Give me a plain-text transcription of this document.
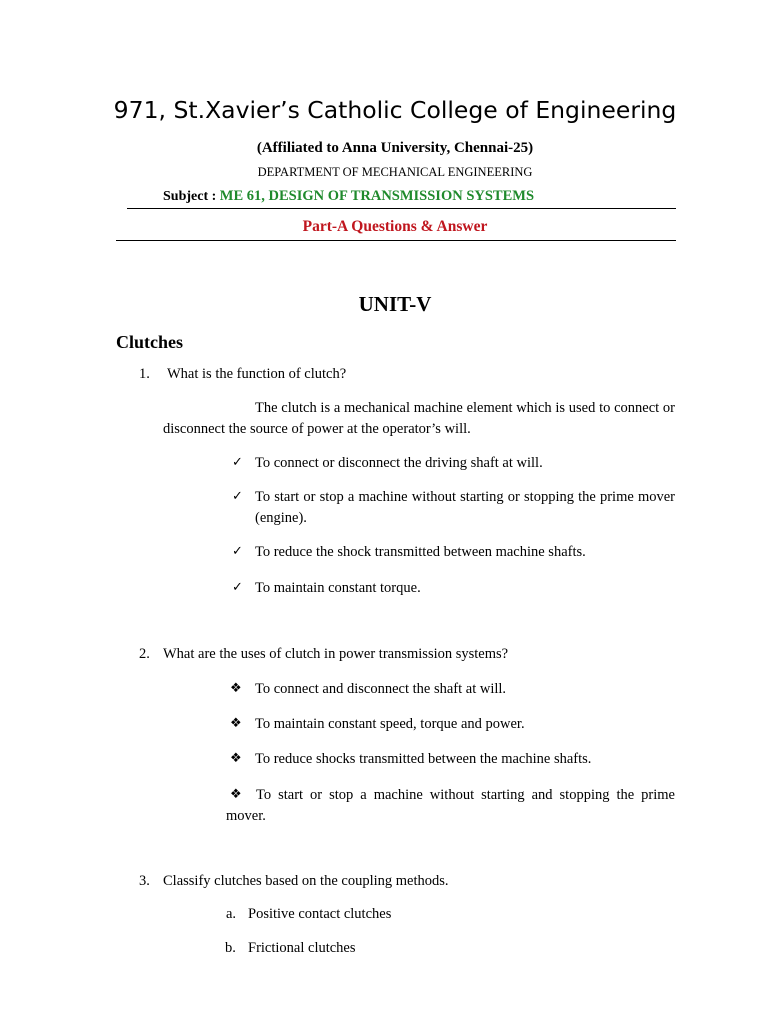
971, St.Xavier’s Catholic College of Engineering
(Affiliated to Anna University, Chennai-25)
DEPARTMENT OF MECHANICAL ENGINEERING
Subject : ME 61, DESIGN OF TRANSMISSION SYSTEMS
Part-A Questions & Answer
UNIT-V
Clutches
1. What is the function of clutch?
The clutch is a mechanical machine element which is used to connect or disconnect the source of power at the operator’s will.
✓ To connect or disconnect the driving shaft at will.
✓ To start or stop a machine without starting or stopping the prime mover (engine).
✓ To reduce the shock transmitted between machine shafts.
✓ To maintain constant torque.
2. What are the uses of clutch in power transmission systems?
❖ To connect and disconnect the shaft at will.
❖ To maintain constant speed, torque and power.
❖ To reduce shocks transmitted between the machine shafts.
❖ To start or stop a machine without starting and stopping the prime mover.
3. Classify clutches based on the coupling methods.
a. Positive contact clutches
b. Frictional clutches
